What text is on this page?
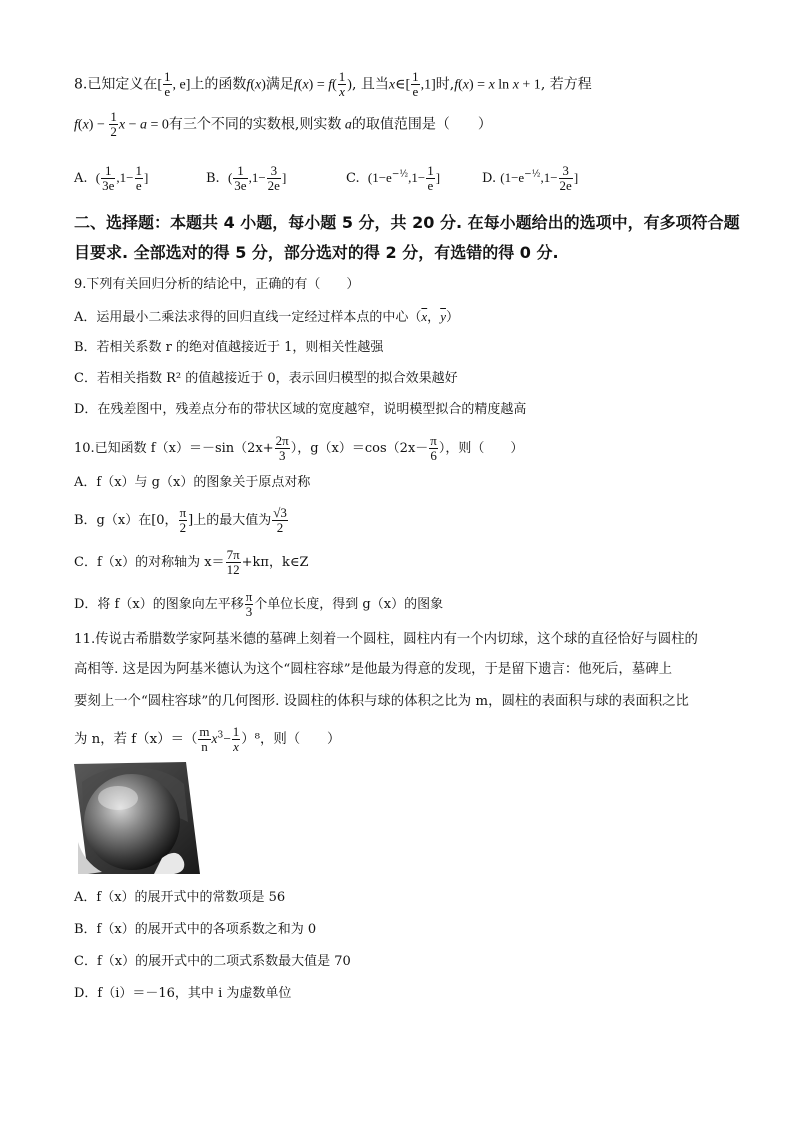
8.已知定义在[ $\frac{1}{e}$ , e]上的函数f(x)满足$f(x) = f( \frac{1}{x}$ ), 且当x∈[ $\frac{1}{e} ,1$]时,f(x) = x ln x + 1, 若方程
$f(x) - \frac{1}{2}$ x − a = 0有三个不同的实数根,则实数 a的取值范围是（　　）
A. ( $\frac{1}{3e} ,1- \frac{1}{e}$ ]	B. ( $\frac{1}{3e} ,1- \frac{3}{2e}$ ]	C. ($1-e^{-\frac{1}{2}},1- \frac{1}{e}$ ]	D. ($1-e^{-\frac{1}{2}},1- \frac{3}{2e}$ ]
二、选择题：本题共 4 小题，每小题 5 分，共 20 分. 在每小题给出的选项中，有多项符合题
目要求. 全部选对的得 5 分，部分选对的得 2 分，有选错的得 0 分.
9.下列有关回归分析的结论中，正确的有（　　）
A．运用最小二乘法求得的回归直线一定经过样本点的中心（$\overline{x}$，$\overline{y}$）
B．若相关系数 r 的绝对值越接近于 1，则相关性越强
C．若相关指数 R² 的值越接近于 0，表示回归模型的拟合效果越好
D．在残差图中，残差点分布的带状区域的宽度越窄，说明模型拟合的精度越高
10.已知函数 $f(x)=-\sin(2x+ \frac{2\pi}{3}$ ），$g(x)=\cos(2x- \frac{\pi}{6}$ ），则（　　）
A．f（x）与 g（x）的图象关于原点对称
B．g（x）在[0， $\frac{\pi}{2}$ ]上的最大值为 $\frac{√3}{2}$
C．f（x）的对称轴为 $x= \frac{7\pi}{12} +k\pi$，k∈Z
D．将 f（x）的图象向左平移 $\frac{\pi}{3}$ 个单位长度，得到 g（x）的图象
11.传说古希腊数学家阿基米德的墓碑上刻着一个圆柱，圆柱内有一个内切球，这个球的直径恰好与圆柱的
高相等. 这是因为阿基米德认为这个“圆柱容球”是他最为得意的发现，于是留下遗言：他死后，墓碑上
要刻上一个“圆柱容球”的几何图形. 设圆柱的体积与球的体积之比为 m，圆柱的表面积与球的表面积之比
为 n，若 $f(x)=( \frac{m}{n} x^3- \frac{1}{x} )^8$，则（　　）
A．f（x）的展开式中的常数项是 56
B．f（x）的展开式中的各项系数之和为 0
C．f（x）的展开式中的二项式系数最大值是 70
D．f（i）＝－16，其中 i 为虚数单位
